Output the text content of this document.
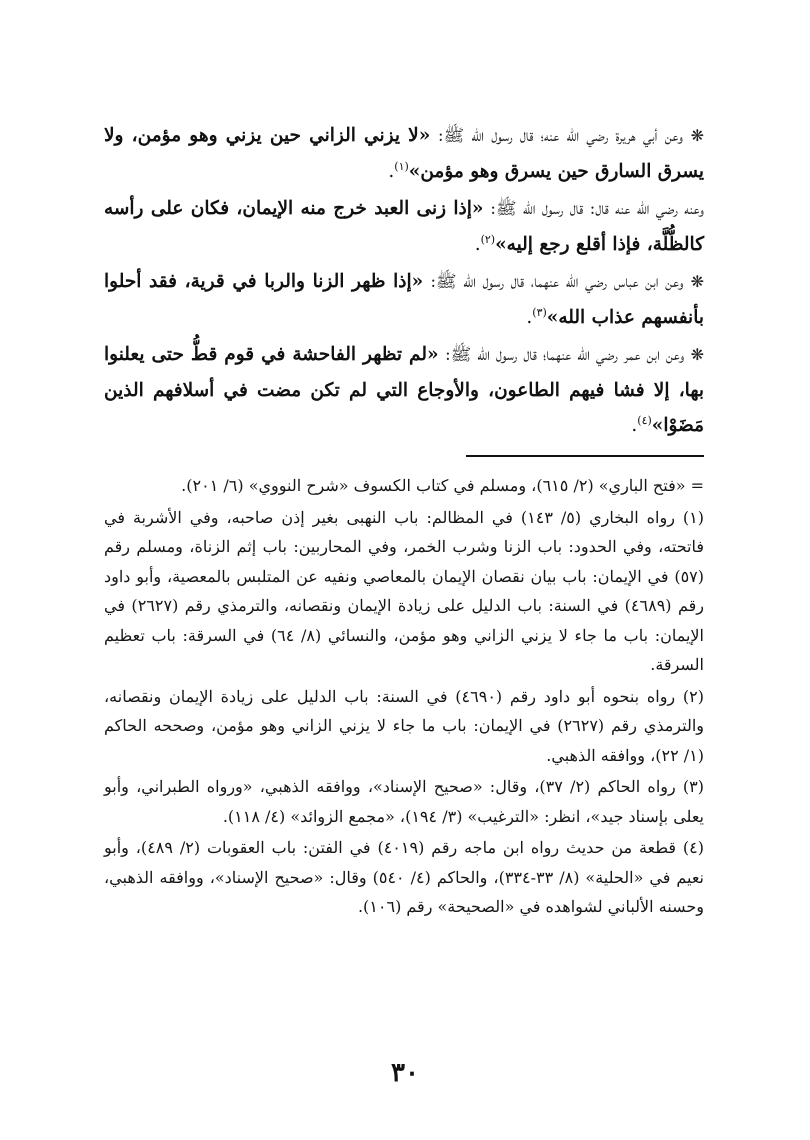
❋ وعن أبي هريرة رضي الله عنه؛ قال رسول الله ﷺ: «لا يزني الزاني حين يزني وهو مؤمن، ولا يسرق السارق حين يسرق وهو مؤمن»$^{(١)}$.

وعنه رضي الله عنه قال: قال رسول الله ﷺ: «إذا زنى العبد خرج منه الإيمان، فكان على رأسه كالظُّلَّة، فإذا أقلع رجع إليه»$^{(٢)}$.

❋ وعن ابن عباس رضي الله عنهما، قال رسول الله ﷺ: «إذا ظهر الزنا والربا في قرية، فقد أحلوا بأنفسهم عذاب الله»$^{(٣)}$.

❋ وعن ابن عمر رضي الله عنهما؛ قال رسول الله ﷺ: «لم تظهر الفاحشة في قوم قطُّ حتى يعلنوا بها، إلا فشا فيهم الطاعون، والأوجاع التي لم تكن مضت في أسلافهم الذين مَضَوْا»$^{(٤)}$.

= «فتح الباري» (٢/ ٦١٥)، ومسلم في كتاب الكسوف «شرح النووي» (٦/ ٢٠١).

(١) رواه البخاري (٥/ ١٤٣) في المظالم: باب النهبى بغير إذن صاحبه، وفي الأشربة في فاتحته، وفي الحدود: باب الزنا وشرب الخمر، وفي المحاربين: باب إثم الزناة، ومسلم رقم (٥٧) في الإيمان: باب بيان نقصان الإيمان بالمعاصي ونفيه عن المتلبس بالمعصية، وأبو داود رقم (٤٦٨٩) في السنة: باب الدليل على زيادة الإيمان ونقصانه، والترمذي رقم (٢٦٢٧) في الإيمان: باب ما جاء لا يزني الزاني وهو مؤمن، والنسائي (٨/ ٦٤) في السرقة: باب تعظيم السرقة.

(٢) رواه بنحوه أبو داود رقم (٤٦٩٠) في السنة: باب الدليل على زيادة الإيمان ونقصانه، والترمذي رقم (٢٦٢٧) في الإيمان: باب ما جاء لا يزني الزاني وهو مؤمن، وصححه الحاكم (١/ ٢٢)، ووافقه الذهبي.

(٣) رواه الحاكم (٢/ ٣٧)، وقال: «صحيح الإسناد»، ووافقه الذهبي، «ورواه الطبراني، وأبو يعلى بإسناد جيد»، انظر: «الترغيب» (٣/ ١٩٤)، «مجمع الزوائد» (٤/ ١١٨).

(٤) قطعة من حديث رواه ابن ماجه رقم (٤٠١٩) في الفتن: باب العقوبات (٢/ ٤٨٩)، وأبو نعيم في «الحلية» (٨/ ٣٣-٣٣٤)، والحاكم (٤/ ٥٤٠) وقال: «صحيح الإسناد»، ووافقه الذهبي، وحسنه الألباني لشواهده في «الصحيحة» رقم (١٠٦).

٣٠
